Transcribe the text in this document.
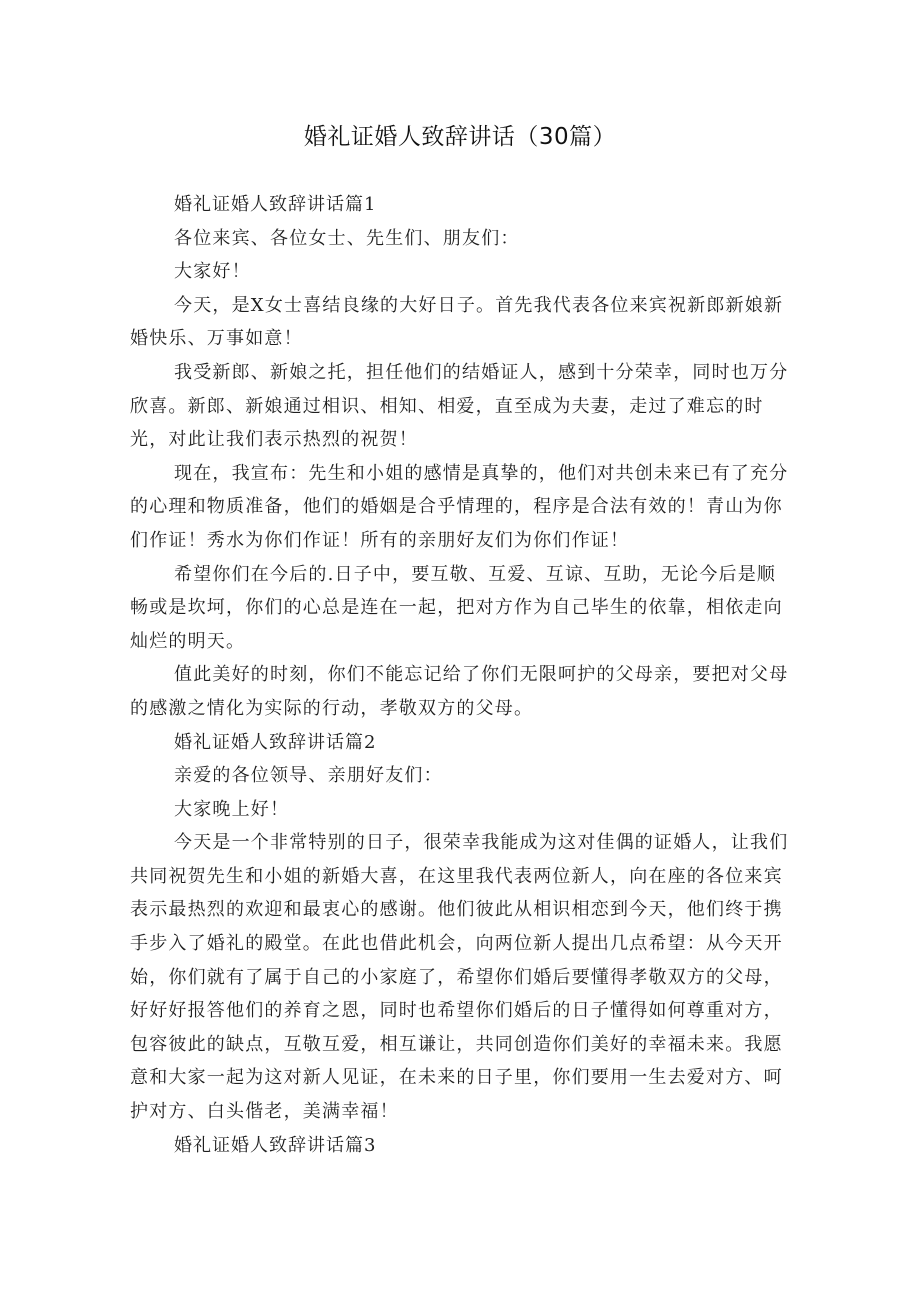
婚礼证婚人致辞讲话（30篇）

婚礼证婚人致辞讲话篇1

各位来宾、各位女士、先生们、朋友们：

大家好！

今天，是X女士喜结良缘的大好日子。首先我代表各位来宾祝新郎新娘新婚快乐、万事如意！

我受新郎、新娘之托，担任他们的结婚证人，感到十分荣幸，同时也万分欣喜。新郎、新娘通过相识、相知、相爱，直至成为夫妻，走过了难忘的时光，对此让我们表示热烈的祝贺！

现在，我宣布：先生和小姐的感情是真挚的，他们对共创未来已有了充分的心理和物质准备，他们的婚姻是合乎情理的，程序是合法有效的！青山为你们作证！秀水为你们作证！所有的亲朋好友们为你们作证！

希望你们在今后的.日子中，要互敬、互爱、互谅、互助，无论今后是顺畅或是坎坷，你们的心总是连在一起，把对方作为自己毕生的依靠，相依走向灿烂的明天。

值此美好的时刻，你们不能忘记给了你们无限呵护的父母亲，要把对父母的感激之情化为实际的行动，孝敬双方的父母。

婚礼证婚人致辞讲话篇2

亲爱的各位领导、亲朋好友们：

大家晚上好！

今天是一个非常特别的日子，很荣幸我能成为这对佳偶的证婚人，让我们共同祝贺先生和小姐的新婚大喜，在这里我代表两位新人，向在座的各位来宾表示最热烈的欢迎和最衷心的感谢。他们彼此从相识相恋到今天，他们终于携手步入了婚礼的殿堂。在此也借此机会，向两位新人提出几点希望：从今天开始，你们就有了属于自己的小家庭了，希望你们婚后要懂得孝敬双方的父母，好好好报答他们的养育之恩，同时也希望你们婚后的日子懂得如何尊重对方，包容彼此的缺点，互敬互爱，相互谦让，共同创造你们美好的幸福未来。我愿意和大家一起为这对新人见证，在未来的日子里，你们要用一生去爱对方、呵护对方、白头偕老，美满幸福！

婚礼证婚人致辞讲话篇3
